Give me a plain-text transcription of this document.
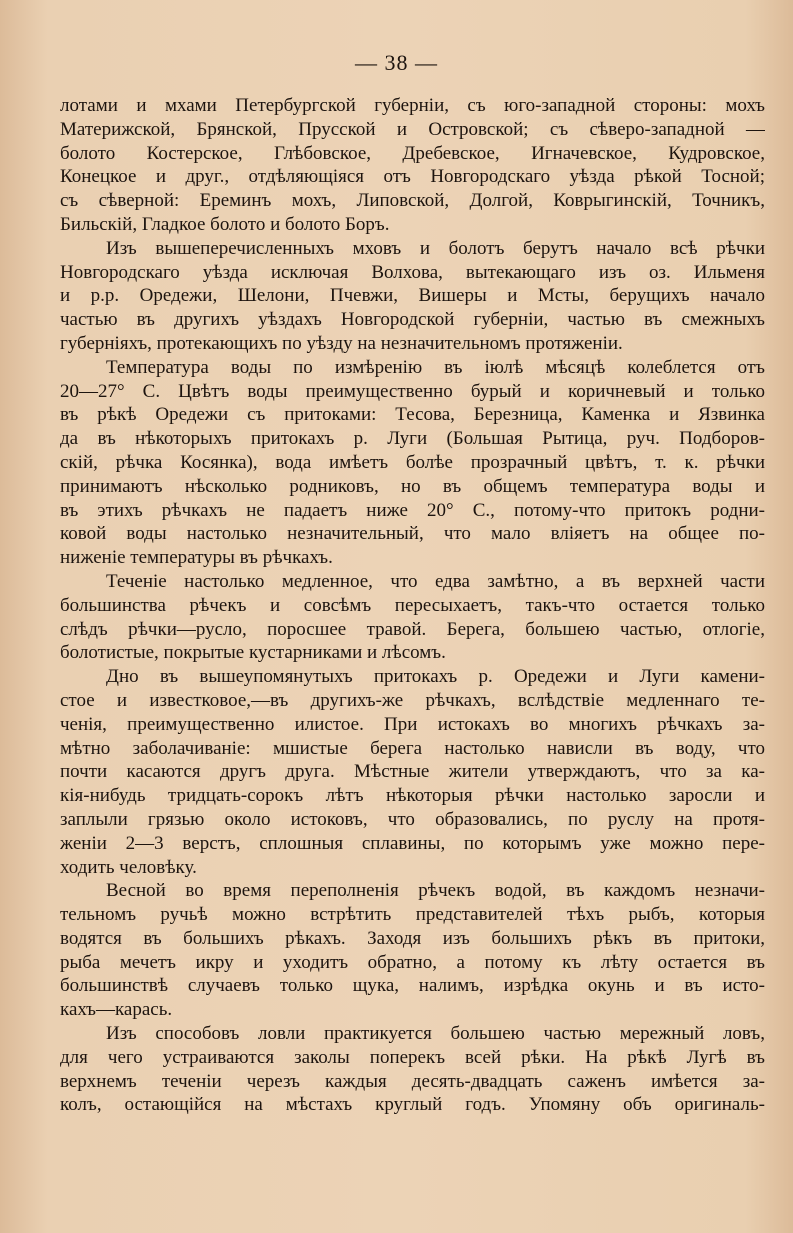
— 38 —
лотами и мхами Петербургской губернiи, съ юго-западной стороны: мохъ
Материжской, Брянской, Прусской и Островской; съ сѣверо-западной —
болото Костерское, Глѣбовское, Дребевское, Игначевское, Кудровское,
Конецкое и друг., отдѣляющiяся отъ Новгородскаго уѣзда рѣкой Тосной;
съ сѣверной: Ереминъ мохъ, Липовской, Долгой, Коврыгинскiй, Точникъ,
Бильскiй, Гладкое болото и болото Боръ.
Изъ вышеперечисленныхъ мховъ и болотъ берутъ начало всѣ рѣчки
Новгородскаго уѣзда исключая Волхова, вытекающаго изъ оз. Ильменя
и р.р. Оредежи, Шелони, Пчевжи, Вишеры и Мсты, берущихъ начало
частью въ другихъ уѣздахъ Новгородской губернiи, частью въ смежныхъ
губернiяхъ, протекающихъ по уѣзду на незначительномъ протяженiи.
Температура воды по измѣренiю въ iюлѣ мѣсяцѣ колеблется отъ
20—27° С. Цвѣтъ воды преимущественно бурый и коричневый и только
въ рѣкѣ Оредежи съ притоками: Тесова, Березница, Каменка и Язвинка
да въ нѣкоторыхъ притокахъ р. Луги (Большая Рытица, руч. Подборов-
скiй, рѣчка Косянка), вода имѣетъ болѣе прозрачный цвѣтъ, т. к. рѣчки
принимаютъ нѣсколько родниковъ, но въ общемъ температура воды и
въ этихъ рѣчкахъ не падаетъ ниже 20° С., потому-что притокъ родни-
ковой воды настолько незначительный, что мало влiяетъ на общее по-
ниженiе температуры въ рѣчкахъ.
Теченiе настолько медленное, что едва замѣтно, а въ верхней части
большинства рѣчекъ и совсѣмъ пересыхаетъ, такъ-что остается только
слѣдъ рѣчки—русло, поросшее травой. Берега, большею частью, отлогiе,
болотистые, покрытые кустарниками и лѣсомъ.
Дно въ вышеупомянутыхъ притокахъ р. Оредежи и Луги камени-
стое и известковое,—въ другихъ-же рѣчкахъ, вслѣдствiе медленнаго те-
ченiя, преимущественно илистое. При истокахъ во многихъ рѣчкахъ за-
мѣтно заболачиванiе: мшистые берега настолько нависли въ воду, что
почти касаются другъ друга. Мѣстные жители утверждаютъ, что за ка-
кiя-нибудь тридцать-сорокъ лѣтъ нѣкоторыя рѣчки настолько заросли и
заплыли грязью около истоковъ, что образовались, по руслу на протя-
женiи 2—3 верстъ, сплошныя сплавины, по которымъ уже можно пере-
ходить человѣку.
Весной во время переполненiя рѣчекъ водой, въ каждомъ незначи-
тельномъ ручьѣ можно встрѣтить представителей тѣхъ рыбъ, которыя
водятся въ большихъ рѣкахъ. Заходя изъ большихъ рѣкъ въ притоки,
рыба мечетъ икру и уходитъ обратно, а потому къ лѣту остается въ
большинствѣ случаевъ только щука, налимъ, изрѣдка окунь и въ исто-
кахъ—карась.
Изъ способовъ ловли практикуется большею частью мережный ловъ,
для чего устраиваются заколы поперекъ всей рѣки. На рѣкѣ Лугѣ въ
верхнемъ теченiи черезъ каждыя десять-двадцать саженъ имѣется за-
колъ, остающiйся на мѣстахъ круглый годъ. Упомяну объ оригиналь-
